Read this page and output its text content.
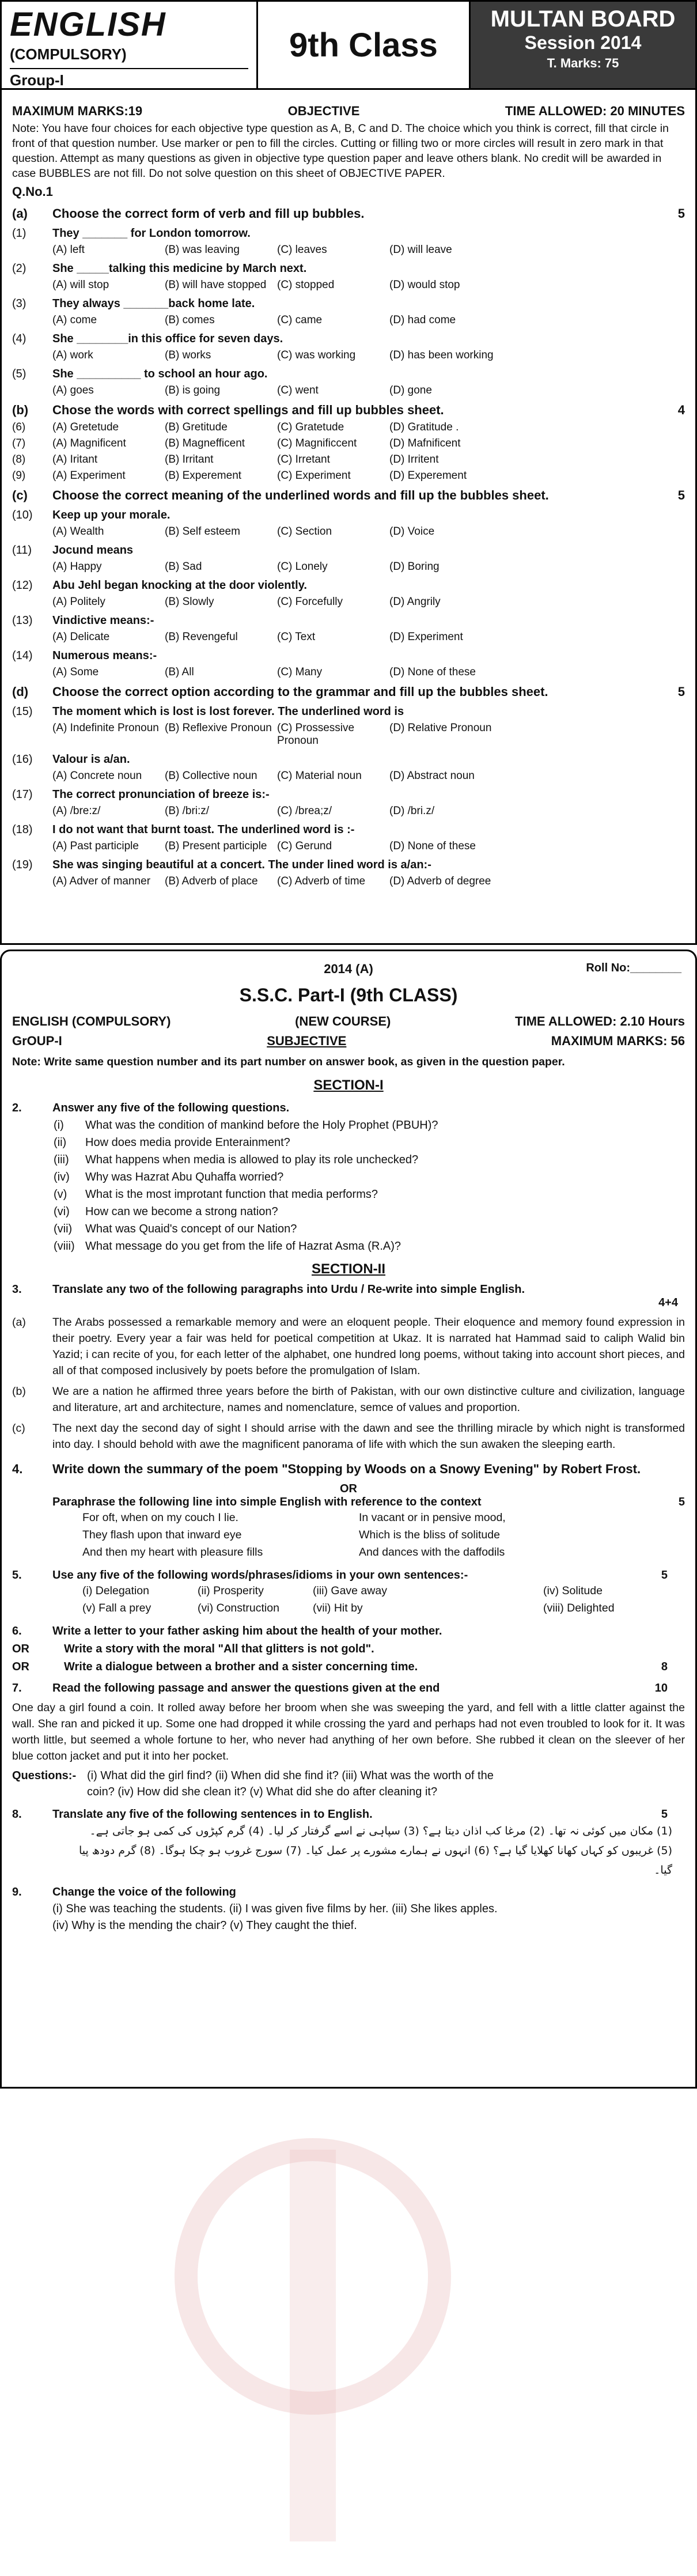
ENGLISH
(COMPULSORY)
Group-I
9th Class
MULTAN BOARD
Session 2014
T. Marks: 75
MAXIMUM MARKS:19	OBJECTIVE	TIME ALLOWED: 20 MINUTES
Note: You have four choices for each objective type question as A, B, C and D. The choice which you think is correct, fill that circle in front of that question number. Use marker or pen to fill the circles. Cutting or filling two or more circles will result in zero mark in that question. Attempt as many questions as given in objective type question paper and leave others blank. No credit will be awarded in case BUBBLES are not fill. Do not solve question on this sheet of OBJECTIVE PAPER.
Q.No.1
(a)	Choose the correct form of verb and fill up bubbles.	5
(1)	They _______ for London tomorrow.
(A) left	(B) was leaving	(C) leaves	(D) will leave
(2)	She _____talking this medicine by March next.
(A) will stop	(B) will have stopped (C) stopped	(D) would stop
(3)	They always _______back home late.
(A) come	(B) comes	(C) came	(D) had come
(4)	She ________in this office for seven days.
(A) work	(B) works	(C) was working	(D) has been working
(5)	She __________ to school an hour ago.
(A) goes	(B) is going	(C) went	(D) gone
(b)	Chose the words with correct spellings and fill up bubbles sheet.	4
(6)	(A) Gretetude	(B) Gretitude	(C) Gratetude	(D) Gratitude .
(7)	(A) Magnificent	(B) Magnefficent	(C) Magnificcent	(D) Mafnificent
(8)	(A) Iritant	(B) Irritant	(C) Irretant	(D) Irritent
(9)	(A) Experiment	(B) Experement	(C) Experiment	(D) Experement
(c)	Choose the correct meaning of the underlined words and fill up the bubbles sheet.	5
(10)	Keep up your morale.
(A) Wealth	(B) Self esteem	(C) Section	(D) Voice
(11)	Jocund means
(A) Happy	(B) Sad	(C) Lonely	(D) Boring
(12)	Abu Jehl began knocking at the door violently.
(A) Politely	(B) Slowly	(C) Forcefully	(D) Angrily
(13)	Vindictive means:-
(A) Delicate	(B) Revengeful	(C) Text	(D) Experiment
(14)	Numerous means:-
(A) Some	(B) All	(C) Many	(D) None of these
(d)	Choose the correct option according to the grammar and fill up the bubbles sheet.	5
(15)	The moment which is lost is lost forever. The underlined word is
(A) Indefinite Pronoun (B) Reflexive Pronoun (C) Prossessive Pronoun
(D) Relative Pronoun
(16)	Valour is a/an.
(A) Concrete noun	(B) Collective noun	(C) Material noun	(D) Abstract noun
(17)	The correct pronunciation of breeze is:-
(A) /bre:z/	(B) /bri:z/	(C) /brea;z/	(D) /bri.z/
(18)	I do not want that burnt toast. The underlined word is :-
(A) Past participle	(B) Present participle (C) Gerund	(D) None of these
(19)	She was singing beautiful at a concert. The under lined word is a/an:-
(A) Adver of manner	(B) Adverb of place	(C) Adverb of time	(D) Adverb of degree
2014 (A)	Roll No:________
S.S.C. Part-I (9th CLASS)
ENGLISH (COMPULSORY)	(NEW COURSE)	TIME ALLOWED: 2.10 Hours
GrOUP-I	SUBJECTIVE	MAXIMUM MARKS: 56
Note: Write same question number and its part number on answer book, as given in the question paper.
SECTION-I
2.	Answer any five of the following questions.
(i)	What was the condition of mankind before the Holy Prophet (PBUH)?
(ii)	How does media provide Enterainment?
(iii)	What happens when media is allowed to play its role unchecked?
(iv)	Why was Hazrat Abu Quhaffa worried?
(v)	What is the most improtant function that media performs?
(vi)	How can we become a strong nation?
(vii)	What was Quaid's concept of our Nation?
(viii) What message do you get from the life of Hazrat Asma (R.A)?
SECTION-II
3.	Translate any two of the following paragraphs into Urdu / Re-write into simple English.
4+4
(a)	The Arabs possessed a remarkable memory and were an eloquent people. Their eloquence and memory found expression in their poetry. Every year a fair was held for poetical competition at Ukaz. It is narrated hat Hammad said to caliph Walid bin Yazid; i can recite of you, for each letter of the alphabet, one hundred long poems, without taking into account short pieces, and all of that composed inclusively by poets before the promulgation of Islam.
(b)	We are a nation he affirmed three years before the birth of Pakistan, with our own distinctive culture and civilization, language and literature, art and architecture, names and nomenclature, semce of values and proportion.
(c)	The next day the second day of sight I should arrise with the dawn and see the thrilling miracle by which night is transformed into day. I should behold with awe the magnificent panorama of life with which the sun awaken the sleeping earth.
4.	Write down the summary of the poem "Stopping by Woods on a Snowy Evening" by Robert Frost.
OR
Paraphrase the following line into simple English with reference to the context	5
For oft, when on my couch I lie.	In vacant or in pensive mood,
They flash upon that inward eye	Which is the bliss of solitude
And then my heart with pleasure fills	And dances with the daffodils
5.	Use any five of the following words/phrases/idioms in your own sentences:-	5
(i) Delegation	(ii) Prosperity	(iii) Gave away	(iv) Solitude
(v) Fall a prey	(vi) Construction	(vii) Hit by	(viii) Delighted
6.	Write a letter to your father asking him about the health of your mother.
OR	Write a story with the moral "All that glitters is not gold".
OR	Write a dialogue between a brother and a sister concerning time.	8
7.	Read the following passage and answer the questions given at the end	10
One day a girl found a coin. It rolled away before her broom when she was sweeping the yard, and fell with a little clatter against the wall. She ran and picked it up. Some one had dropped it while crossing the yard and perhaps had not even troubled to look for it. It was worth little, but seemed a whole fortune to her, who never had anything of her own before. She rubbed it clean on the sleever of her blue cotton jacket and put it into her pocket.
Questions:- (i) What did the girl find? (ii) When did she find it? (iii) What was the worth of the
coin? (iv) How did she clean it? (v) What did she do after cleaning it?
8.	Translate any five of the following sentences in to English.	5
(1) مکان میں کوئی نہ تھا۔ (2) مرغا کب اذان دیتا ہے؟ (3) سپاہی نے اسے گرفتار کر لیا۔ (4) گرم کپڑوں کی کمی ہو جاتی ہے۔
(5) غریبوں کو کہاں کھانا کھلایا گیا ہے؟ (6) انہوں نے ہمارے مشورے پر عمل کیا۔ (7) سورج غروب ہو چکا ہوگا۔ (8) گرم دودھ پیا گیا۔
9.	Change the voice of the following
(i) She was teaching the students. (ii) I was given five films by her. (iii) She likes apples.
(iv) Why is the mending the chair? (v) They caught the thief.
